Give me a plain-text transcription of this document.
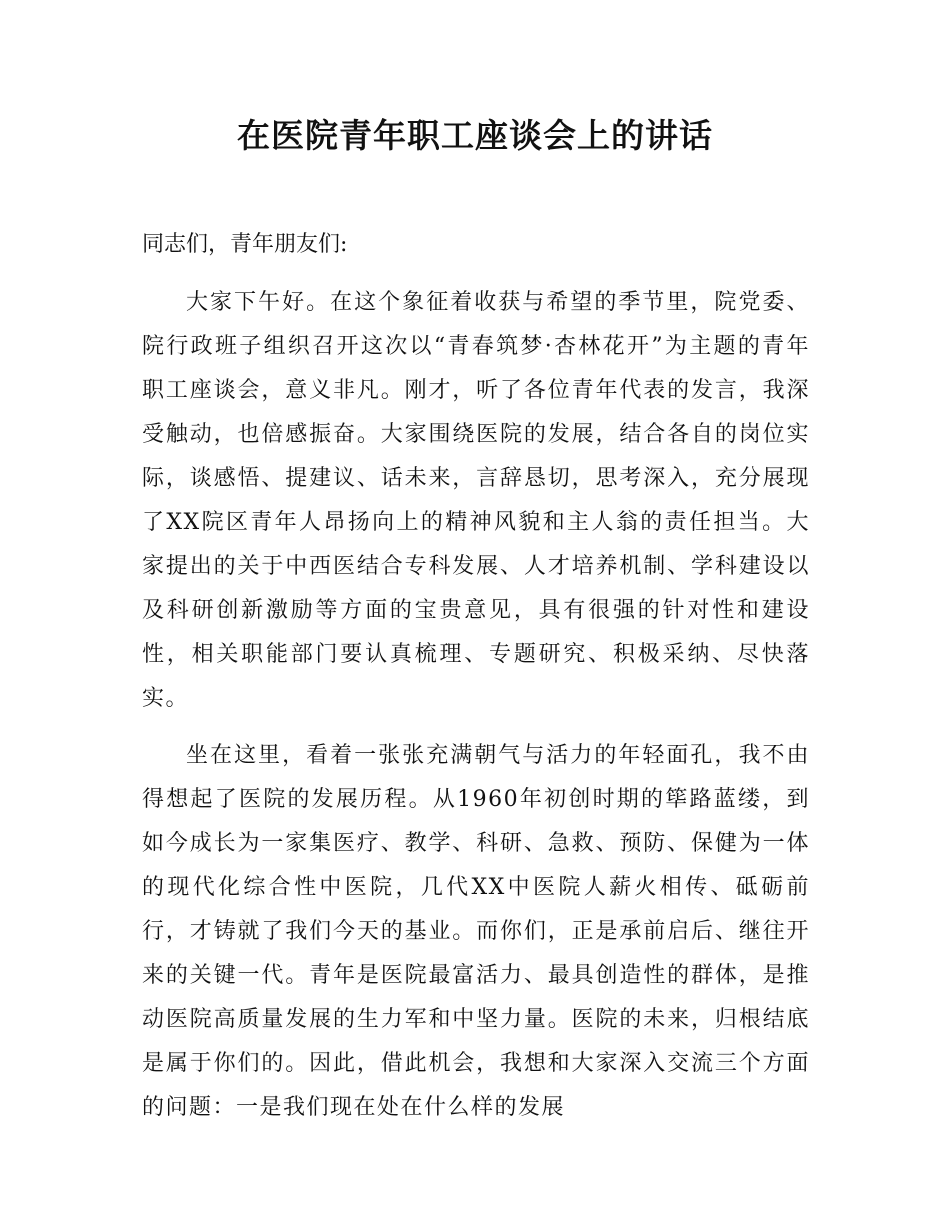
在医院青年职工座谈会上的讲话

同志们，青年朋友们:

大家下午好。在这个象征着收获与希望的季节里，院党委、院行政班子组织召开这次以“青春筑梦·杏林花开”为主题的青年职工座谈会，意义非凡。刚才，听了各位青年代表的发言，我深受触动，也倍感振奋。大家围绕医院的发展，结合各自的岗位实际，谈感悟、提建议、话未来，言辞恳切，思考深入，充分展现了XX院区青年人昂扬向上的精神风貌和主人翁的责任担当。大家提出的关于中西医结合专科发展、人才培养机制、学科建设以及科研创新激励等方面的宝贵意见，具有很强的针对性和建设性，相关职能部门要认真梳理、专题研究、积极采纳、尽快落实。

坐在这里，看着一张张充满朝气与活力的年轻面孔，我不由得想起了医院的发展历程。从1960年初创时期的筚路蓝缕，到如今成长为一家集医疗、教学、科研、急救、预防、保健为一体的现代化综合性中医院，几代XX中医院人薪火相传、砥砺前行，才铸就了我们今天的基业。而你们，正是承前启后、继往开来的关键一代。青年是医院最富活力、最具创造性的群体，是推动医院高质量发展的生力军和中坚力量。医院的未来，归根结底是属于你们的。因此，借此机会，我想和大家深入交流三个方面的问题：一是我们现在处在什么样的发展
